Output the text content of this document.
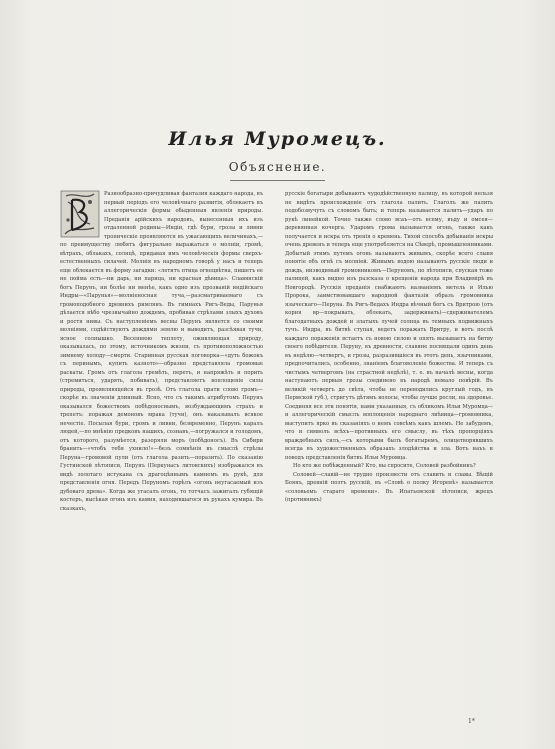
Илья Муромецъ.
Объяснение.

Разнообразно-причудливая фантазия каждаго народа, въ первый періодъ его человѣчнаго развитія, облекаетъ въ аллегорическія формы обыденныя явленія природы. Преданія арійскихъ народовъ, вынесенныя ихъ изъ отдаленной родины—Индіи, гдѣ бури, грозы и ливни тропическіе проявляются въ ужасающихъ величинахъ,—по преимуществу любятъ фигурально выражаться о молніи, громѣ, вѣтрахъ, облакахъ, солнцѣ, придавая имъ человѣческія формы сверхъ-естественныхъ силачей. Молнія въ народномъ говорѣ у насъ и теперь еще облекается въ форму загадки: «летитъ птица огнецвѣтна, пишетъ ее не пойма есть—ни дарь, ни парица, ни красная дѣвица». Славянскій богъ Перунъ, ни болѣе ни менѣе, какъ одно изъ прозваній индійскаго Индры—«Парунья»—молніеносная туча,—разсматриваемаго съ громоподобного древнихъ римлянъ. Въ гимнахъ Ригъ-Веды, Парунья дѣлается вѣбо чрезвычайно дождемъ, пробивая стрѣлами злыхъ духовъ и ростя нивы. Съ наступленіемъ весны Перунъ является со своими молніями, содѣйствуютъ дождями землю и выводитъ, разсѣявая тучи, ясное солнышко. Весеннюю теплоту, оживляющая природу, оказывалась, по этому, источникомъ жизни, съ противоположностью зимнему холоду—смерти. Старинная русская поговорка—«дуть божокъ съ перинымъ, купить казното»—образно представляла громовые раскаты. Громъ отъ глагола гремѣть, перетъ, и напряжѣть и порить (стремиться, ударять, побивать), представляетъ воплощеніе силы природы, проявляющейся въ грозѣ. Отъ глагола прати слово громъ—скорѣе въ значеніи длинный. Ясно, что съ такимъ атрибутомъ Перунъ оказывался божествомъ побѣдоноснымъ, возбуждающимъ страхъ и трепетъ: поражая демоновъ мрака (тучи), онъ наказывалъ всякое нечестіе. Посылая бури, громъ и ливни, безвременно, Перунъ каралъ людей,—по мнѣнію предковъ нашихъ, сознавъ,—погружался и голодомъ, отъ которого, разумѣется, разоряли моръ (побѣдоносъ). Въ Сибири бранить—«чтобъ тебя ухнило!»—безъ сомнѣнія въ смыслѣ стрѣлы Перуна—громовой пули (отъ глагола разить—поразить). По сказанію Густинской лѣтописи, Перунъ (Перкунасъ литовскихъ) изображался въ видѣ золотаго истукана съ драгоцѣннымъ камнемъ въ рукѣ, для представленія огня. Передъ Перуномъ горѣлъ «огонь неугасаемый изъ дубоваго древа». Когда же угасалъ огонь, то тотчасъ зажигалъ губящій костеръ, высѣкая огонь изъ камня, находившагося въ рукахъ кумира. Въ сказкахъ,

русскіе богатыри добываютъ чудодѣйственную палицу, въ которой нельзя не видѣть происхожденіе отъ глагола палить. Глаголъ же палить подобозвучуть съ словомъ быть; и теперь называется палить—ударъ по рукѣ линейкой. Точно также слово всаъ—отъ всему, въду и омсея—деревянная кочерга. Ударомъ грома вызывается огонь, также какъ получается и искра отъ тренія о кремень. Тихой способъ добыванія искры очень древенъ и теперь еще употребляется на Сѣверѣ, промышленниками. Добытый этимъ путемъ огонь называютъ живымъ, скорѣе всего слывя понятіе объ огнѣ съ молніей. Живымъ водою называютъ русскіе люди и дождь, низводимый громовникомъ—Перуномъ, по лѣтописи, спуская тоже палицей, какъ видно изъ разсказа о крещеніи народа при Владимірѣ въ Новгородѣ. Русскія преданія снабжаютъ названіемъ метель и Илью Пророка, заимствовавшаго народной фантазіи образъ громовника языческаго—Перуна. Въ Ригъ-Ведахъ Индра вѣчный богъ съ Вритрою (отъ корня вр—покрывать, облекать, задерживать)—сдерживателемъ благодатныхъ дождей и златыхъ лучей солнца въ темныхъ подвижныхъ тучъ. Индра, въ битвѣ ступая, ведетъ поражать Вритру, и вотъ послѣ каждаго пораженія встаетъ съ новою силою и опять вызываетъ на битву своего побѣдителя. Перуну, въ древности, славяне посвящали одинъ день въ недѣлю—четвергъ, и грозы, разразившіеся въ этотъ день, язычниками, предпочитались, особенно, знаніемъ благоволеніе божества. И теперь съ чистымъ четвергомъ (на страстной недѣлѣ), т. е. въ началѣ весны, когда наступаютъ первыя грозы соединено въ народѣ немало повѣрій. Въ великій четвергъ до свѣта, чтобы не переводились круглый годъ, въ Пермской губ.), стригутъ дѣтямъ волосы, чтобы лучше росли, на здоровье. Соединяя все эти понятія, нами указанныя, съ обликомъ Ильи Муромца—и аллегорическій смыслъ воплощенія народнаго лиѣвица—громовника, выступитъ ярко въ сказаніяхъ о немъ совсѣмъ какъ шлемъ. Не забудемъ, что и символъ всѣхъ—противныхъ его смыслу, въ тѣхъ пропорціяхъ враждебныхъ силъ,—съ которыми былъ богатыремъ, олицетворявшихъ всегда въ художественныхъ образахъ злодѣйства и зла. Вотъ наъъ и поводъ представленія битвъ Ильи Муромца.

Но кто же побѣжденный? Кто, вы спросите, Соловей разбойникъ?

Соловей—славій—не трудно произвести отъ славить и славы. Вѣщій Боянъ, древній поэтъ русскій, въ «Словѣ о полку Игоревѣ» называется «соловьемъ стараго времени». Въ Ипатьевской лѣтописи, жрецъ (противникъ)

1*
